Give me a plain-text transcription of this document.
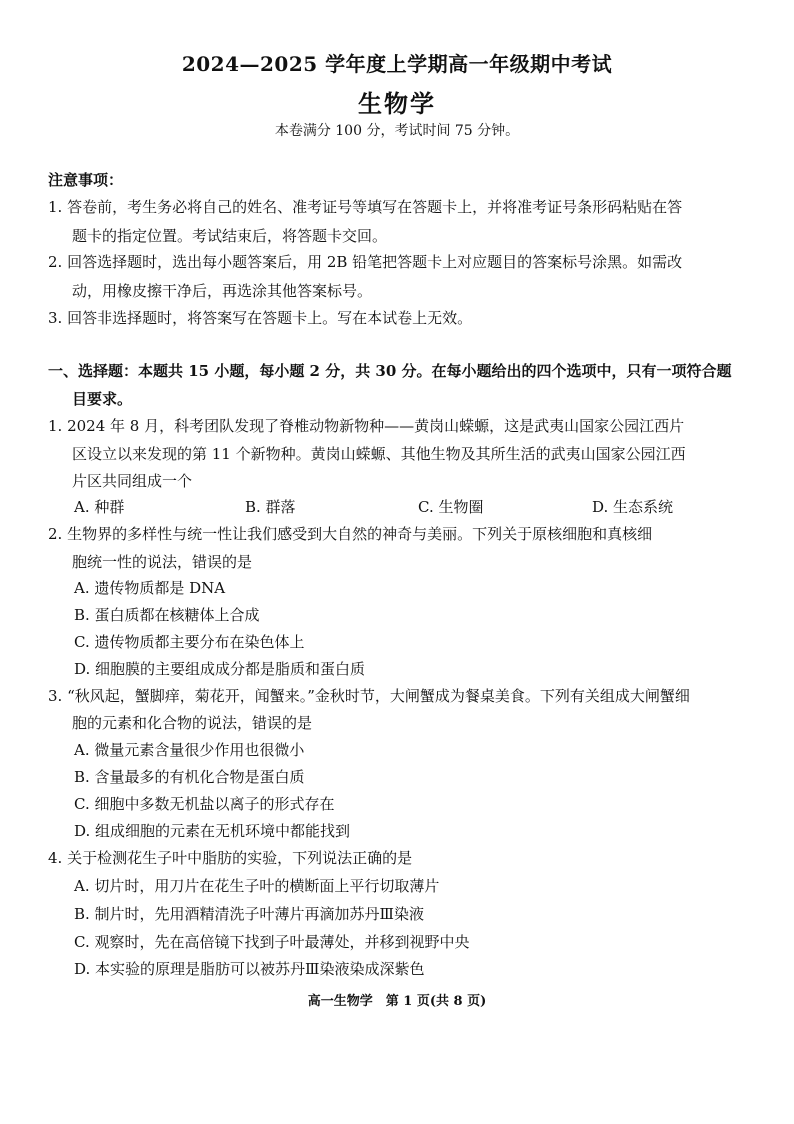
2024—2025 学年度上学期高一年级期中考试
生物学
本卷满分 100 分，考试时间 75 分钟。
注意事项：
1. 答卷前，考生务必将自己的姓名、准考证号等填写在答题卡上，并将准考证号条形码粘贴在答
题卡的指定位置。考试结束后，将答题卡交回。
2. 回答选择题时，选出每小题答案后，用 2B 铅笔把答题卡上对应题目的答案标号涂黑。如需改
动，用橡皮擦干净后，再选涂其他答案标号。
3. 回答非选择题时，将答案写在答题卡上。写在本试卷上无效。
一、选择题：本题共 15 小题，每小题 2 分，共 30 分。在每小题给出的四个选项中，只有一项符合题
目要求。
1. 2024 年 8 月，科考团队发现了脊椎动物新物种——黄岗山蝾螈，这是武夷山国家公园江西片
区设立以来发现的第 11 个新物种。黄岗山蝾螈、其他生物及其所生活的武夷山国家公园江西
片区共同组成一个
A. 种群	B. 群落	C. 生物圈	D. 生态系统
2. 生物界的多样性与统一性让我们感受到大自然的神奇与美丽。下列关于原核细胞和真核细
胞统一性的说法，错误的是
A. 遗传物质都是 DNA
B. 蛋白质都在核糖体上合成
C. 遗传物质都主要分布在染色体上
D. 细胞膜的主要组成成分都是脂质和蛋白质
3. “秋风起，蟹脚痒，菊花开，闻蟹来。”金秋时节，大闸蟹成为餐桌美食。下列有关组成大闸蟹细
胞的元素和化合物的说法，错误的是
A. 微量元素含量很少作用也很微小
B. 含量最多的有机化合物是蛋白质
C. 细胞中多数无机盐以离子的形式存在
D. 组成细胞的元素在无机环境中都能找到
4. 关于检测花生子叶中脂肪的实验，下列说法正确的是
A. 切片时，用刀片在花生子叶的横断面上平行切取薄片
B. 制片时，先用酒精清洗子叶薄片再滴加苏丹Ⅲ染液
C. 观察时，先在高倍镜下找到子叶最薄处，并移到视野中央
D. 本实验的原理是脂肪可以被苏丹Ⅲ染液染成深紫色
高一生物学　第 1 页(共 8 页)
